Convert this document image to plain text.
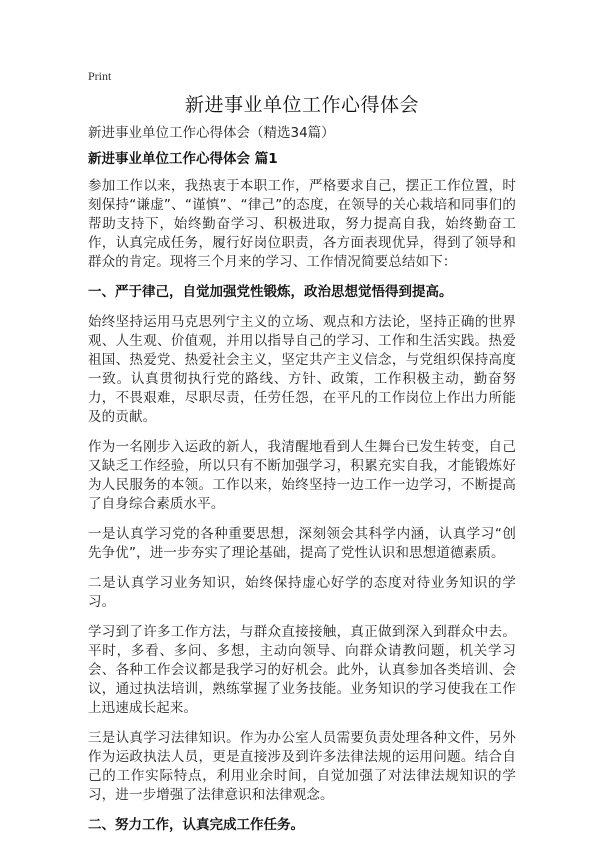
Print
新进事业单位工作心得体会
新进事业单位工作心得体会（精选34篇）
新进事业单位工作心得体会 篇1

参加工作以来，我热衷于本职工作，严格要求自己，摆正工作位置，时刻保持“谦虚”、“谨慎”、“律己”的态度，在领导的关心栽培和同事们的帮助支持下，始终勤奋学习、积极进取，努力提高自我，始终勤奋工作，认真完成任务，履行好岗位职责，各方面表现优异，得到了领导和群众的肯定。现将三个月来的学习、工作情况简要总结如下：

一、严于律己，自觉加强党性锻炼，政治思想觉悟得到提高。

始终坚持运用马克思列宁主义的立场、观点和方法论，坚持正确的世界观、人生观、价值观，并用以指导自己的学习、工作和生活实践。热爱祖国、热爱党、热爱社会主义，坚定共产主义信念，与党组织保持高度一致。认真贯彻执行党的路线、方针、政策，工作积极主动，勤奋努力，不畏艰难，尽职尽责，任劳任怨，在平凡的工作岗位上作出力所能及的贡献。

作为一名刚步入运政的新人，我清醒地看到人生舞台已发生转变，自己又缺乏工作经验，所以只有不断加强学习，积累充实自我，才能锻炼好为人民服务的本领。工作以来，始终坚持一边工作一边学习，不断提高了自身综合素质水平。

一是认真学习党的各种重要思想，深刻领会其科学内涵，认真学习“创先争优”，进一步夯实了理论基础，提高了党性认识和思想道德素质。

二是认真学习业务知识，始终保持虚心好学的态度对待业务知识的学习。

学习到了许多工作方法，与群众直接接触，真正做到深入到群众中去。平时，多看、多问、多想，主动向领导、向群众请教问题，机关学习会、各种工作会议都是我学习的好机会。此外，认真参加各类培训、会议，通过执法培训，熟练掌握了业务技能。业务知识的学习使我在工作上迅速成长起来。

三是认真学习法律知识。作为办公室人员需要负责处理各种文件，另外作为运政执法人员，更是直接涉及到许多法律法规的运用问题。结合自己的工作实际特点，利用业余时间，自觉加强了对法律法规知识的学习，进一步增强了法律意识和法律观念。

二、努力工作，认真完成工作任务。
